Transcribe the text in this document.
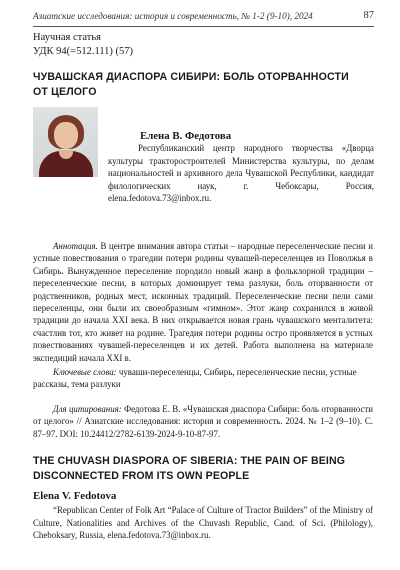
Азиатские исследования: история и современность, № 1-2 (9-10), 2024	87
Научная статья
УДК 94(=512.111) (57)
ЧУВАШСКАЯ ДИАСПОРА СИБИРИ: БОЛЬ ОТОРВАННОСТИ ОТ ЦЕЛОГО
Елена В. Федотова
Республиканский центр народного творчества «Дворца культуры тракторостроителей Министерства культуры, по делам национальностей и архивного дела Чувашской Республики, кандидат филологических наук, г. Чебоксары, Россия, elena.fedotova.73@inbox.ru.

Аннотация. В центре внимания автора статьи – народные переселенческие песни и устные повествования о трагедии потери родины чувашей-переселенцев из Поволжья в Сибирь. Вынужденное переселение породило новый жанр в фольклорной традиции – переселенческие песни, в которых доминирует тема разлуки, боль оторванности от родственников, родных мест, исконных традиций. Переселенческие песни пели сами переселенцы, они были их своеобразным «гимном». Этот жанр сохранился в живой традиции до начала XXI века. В них открывается новая грань чувашского менталитета: счастлив тот, кто живет на родине. Трагедия потери родины остро проявляется в устных повествованиях чувашей-переселенцев и их детей. Работа выполнена на материале экспедиций начала XXI в.

Ключевые слова: чуваши-переселенцы, Сибирь, переселенческие песни, устные рассказы, тема разлуки

Для цитирования: Федотова Е. В. «Чувашская диаспора Сибири: боль оторванности от целого» // Азиатские исследования: история и современность. 2024. № 1–2 (9–10). С. 87–97. DOI: 10.24412/2782-6139-2024-9-10-87-97.

THE CHUVASH DIASPORA OF SIBERIA: THE PAIN OF BEING DISCONNECTED FROM ITS OWN PEOPLE
Elena V. Fedotova

“Republican Center of Folk Art “Palace of Culture of Tractor Builders” of the Ministry of Culture, Nationalities and Archives of the Chuvash Republic, Cand. of Sci. (Philology), Cheboksary, Russia, elena.fedotova.73@inbox.ru.
